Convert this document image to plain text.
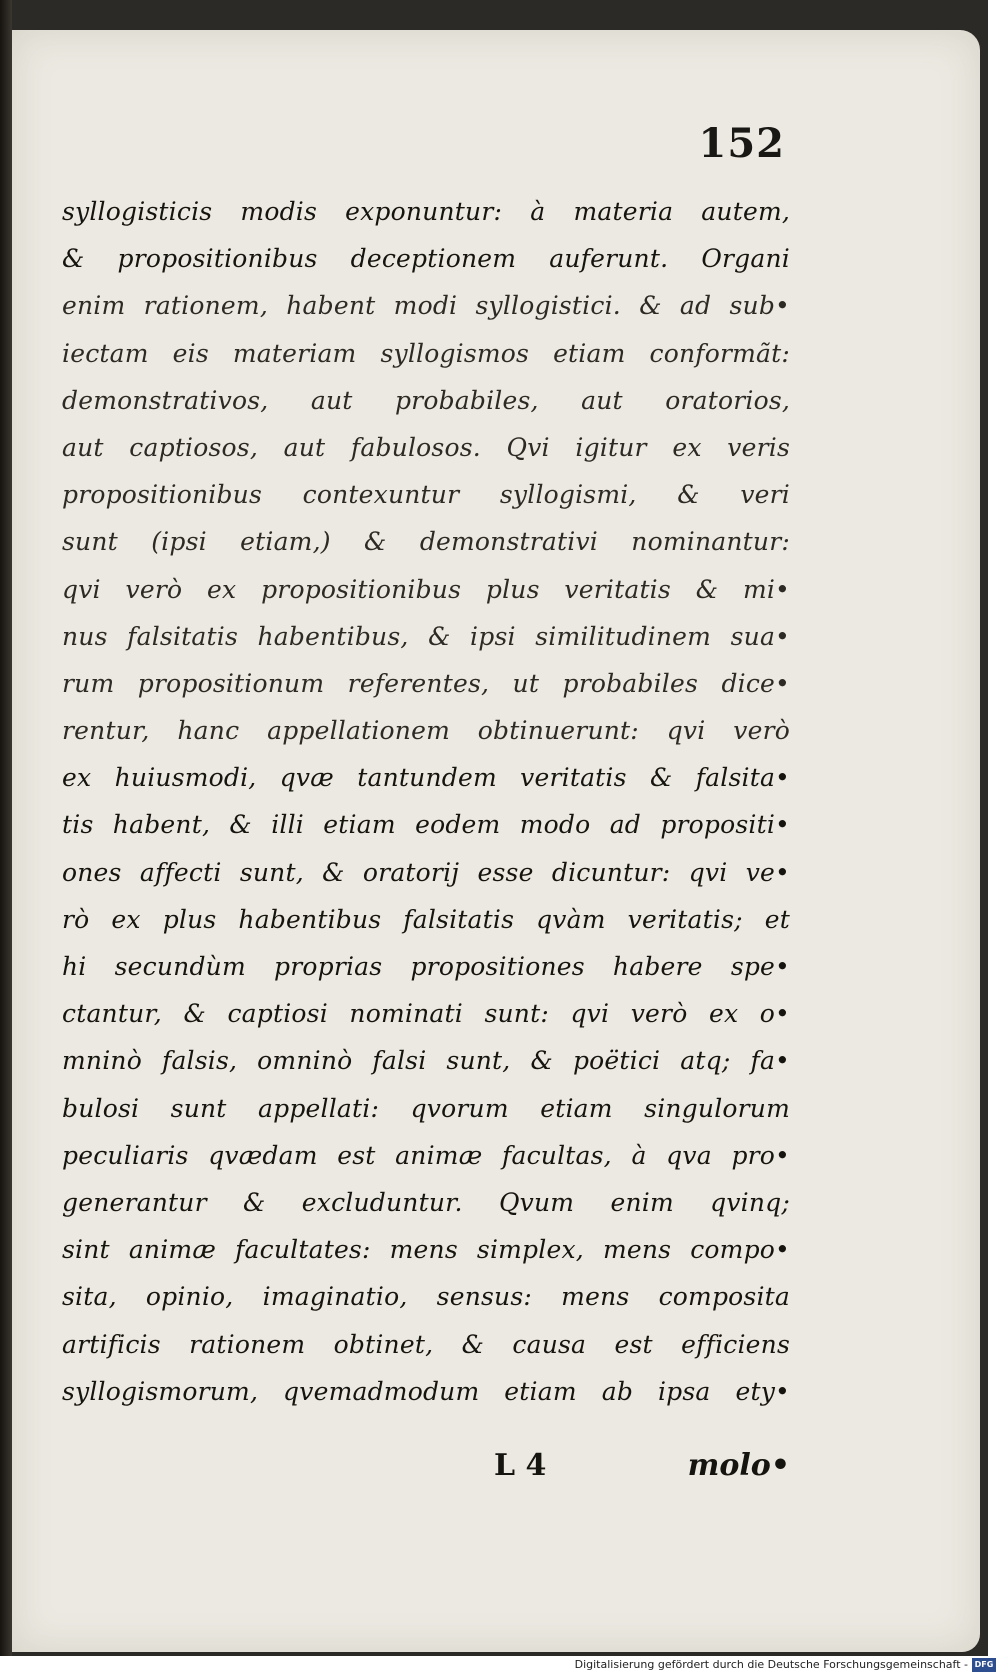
152
syllogisticis modis exponuntur: à materia autem,
& propositionibus deceptionem auferunt. Organi
enim rationem, habent modi syllogistici. & ad sub•
iectam eis materiam syllogismos etiam conformãt:
demonstrativos, aut probabiles, aut oratorios,
aut captiosos, aut fabulosos. Qvi igitur ex veris
propositionibus contexuntur syllogismi, & veri
sunt (ipsi etiam,) & demonstrativi nominantur:
qvi verò ex propositionibus plus veritatis & mi•
nus falsitatis habentibus, & ipsi similitudinem sua•
rum propositionum referentes, ut probabiles dice•
rentur, hanc appellationem obtinuerunt: qvi verò
ex huiusmodi, qvæ tantundem veritatis & falsita•
tis habent, & illi etiam eodem modo ad propositi•
ones affecti sunt, & oratorij esse dicuntur: qvi ve•
rò ex plus habentibus falsitatis qvàm veritatis; et
hi secundùm proprias propositiones habere spe•
ctantur, & captiosi nominati sunt: qvi verò ex o•
mninò falsis, omninò falsi sunt, & poëtici atq; fa•
bulosi sunt appellati: qvorum etiam singulorum
peculiaris qvædam est animæ facultas, à qva pro•
generantur & excluduntur. Qvum enim qvinq;
sint animæ facultates: mens simplex, mens compo•
sita, opinio, imaginatio, sensus: mens composita
artificis rationem obtinet, & causa est efficiens
syllogismorum, qvemadmodum etiam ab ipsa ety•
L 4	molo•
Digitalisierung gefördert durch die Deutsche Forschungsgemeinschaft - DFG
